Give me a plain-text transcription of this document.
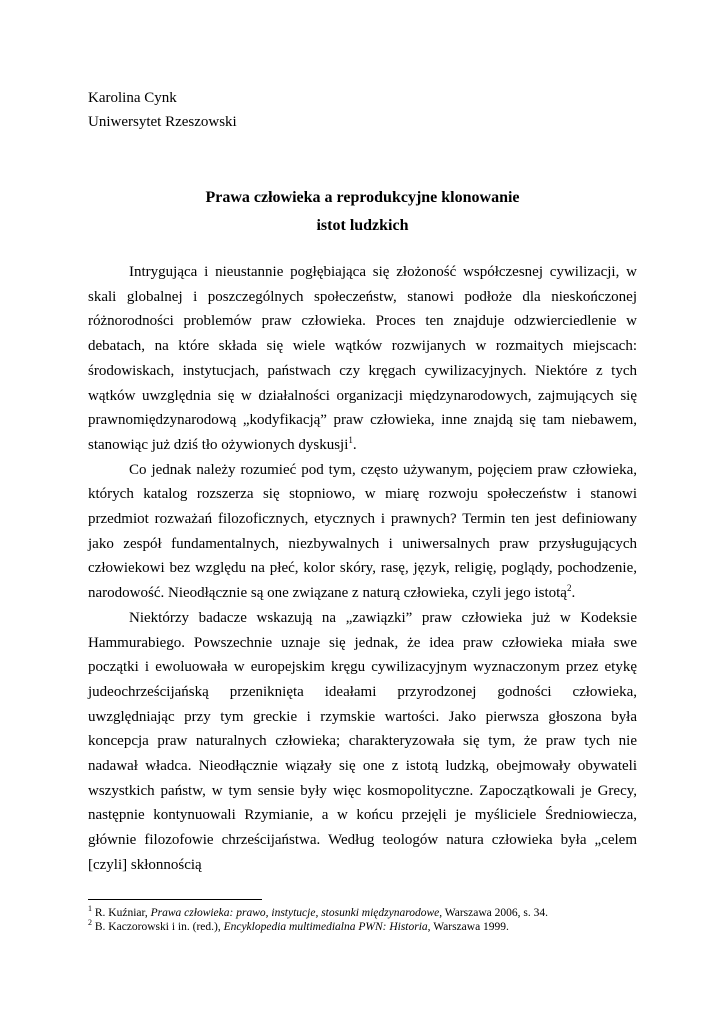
Karolina Cynk
Uniwersytet Rzeszowski
Prawa człowieka a reprodukcyjne klonowanie
istot ludzkich

Intrygująca i nieustannie pogłębiająca się złożoność współczesnej cywilizacji, w skali globalnej i poszczególnych społeczeństw, stanowi podłoże dla nieskończonej różnorodności problemów praw człowieka. Proces ten znajduje odzwierciedlenie w debatach, na które składa się wiele wątków rozwijanych w rozmaitych miejscach: środowiskach, instytucjach, państwach czy kręgach cywilizacyjnych. Niektóre z tych wątków uwzględnia się w działalności organizacji międzynarodowych, zajmujących się prawnomiędzynarodową „kodyfikacją” praw człowieka, inne znajdą się tam niebawem, stanowiąc już dziś tło ożywionych dyskusji$^1$.

Co jednak należy rozumieć pod tym, często używanym, pojęciem praw człowieka, których katalog rozszerza się stopniowo, w miarę rozwoju społeczeństw i stanowi przedmiot rozważań filozoficznych, etycznych i prawnych? Termin ten jest definiowany jako zespół fundamentalnych, niezbywalnych i uniwersalnych praw przysługujących człowiekowi bez względu na płeć, kolor skóry, rasę, język, religię, poglądy, pochodzenie, narodowość. Nieodłącznie są one związane z naturą człowieka, czyli jego istotą$^2$.

Niektórzy badacze wskazują na „zawiązki” praw człowieka już w Kodeksie Hammurabiego. Powszechnie uznaje się jednak, że idea praw człowieka miała swe początki i ewoluowała w europejskim kręgu cywilizacyjnym wyznaczonym przez etykę judeochrześcijańską przeniknięta ideałami przyrodzonej godności człowieka, uwzględniając przy tym greckie i rzymskie wartości. Jako pierwsza głoszona była koncepcja praw naturalnych człowieka; charakteryzowała się tym, że praw tych nie nadawał władca. Nieodłącznie wiązały się one z istotą ludzką, obejmowały obywateli wszystkich państw, w tym sensie były więc kosmopolityczne. Zapoczątkowali je Grecy, następnie kontynuowali Rzymianie, a w końcu przejęli je myśliciele Średniowiecza, głównie filozofowie chrześcijaństwa. Według teologów natura człowieka była „celem [czyli] skłonnością

$^1$ R. Kuźniar, Prawa człowieka: prawo, instytucje, stosunki międzynarodowe, Warszawa 2006, s. 34.
$^2$ B. Kaczorowski i in. (red.), Encyklopedia multimedialna PWN: Historia, Warszawa 1999.
